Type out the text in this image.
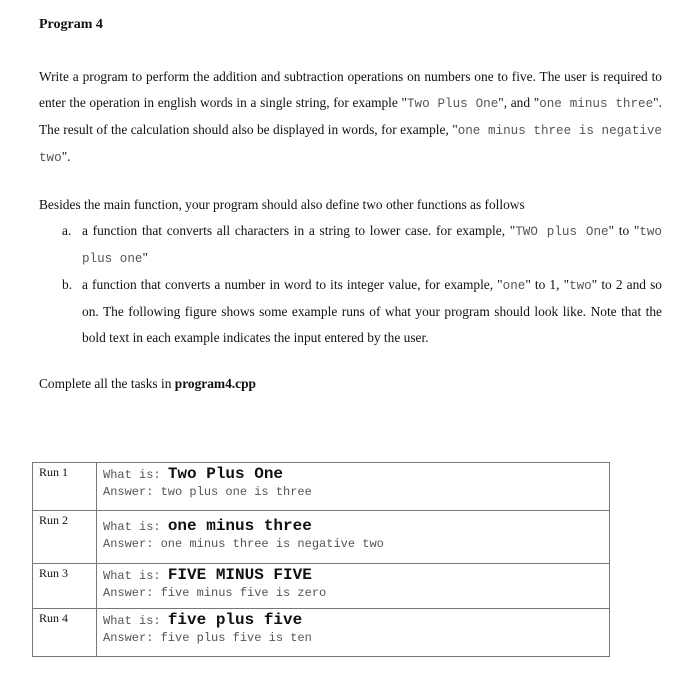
Program 4
Write a program to perform the addition and subtraction operations on numbers one to five. The user is required to enter the operation in english words in a single string, for example "Two Plus One", and "one minus three". The result of the calculation should also be displayed in words, for example, "one minus three is negative two".
Besides the main function, your program should also define two other functions as follows
a. a function that converts all characters in a string to lower case. for example, "TWO plus One" to "two plus one"
b. a function that converts a number in word to its integer value, for example, "one" to 1, "two" to 2 and so on. The following figure shows some example runs of what your program should look like. Note that the bold text in each example indicates the input entered by the user.
Complete all the tasks in program4.cpp
Run 1	What is: Two Plus One
Answer: two plus one is three

Run 2	What is: one minus three
Answer: one minus three is negative two

Run 3	What is: FIVE MINUS FIVE
Answer: five minus five is zero

Run 4	What is: five plus five
Answer: five plus five is ten
